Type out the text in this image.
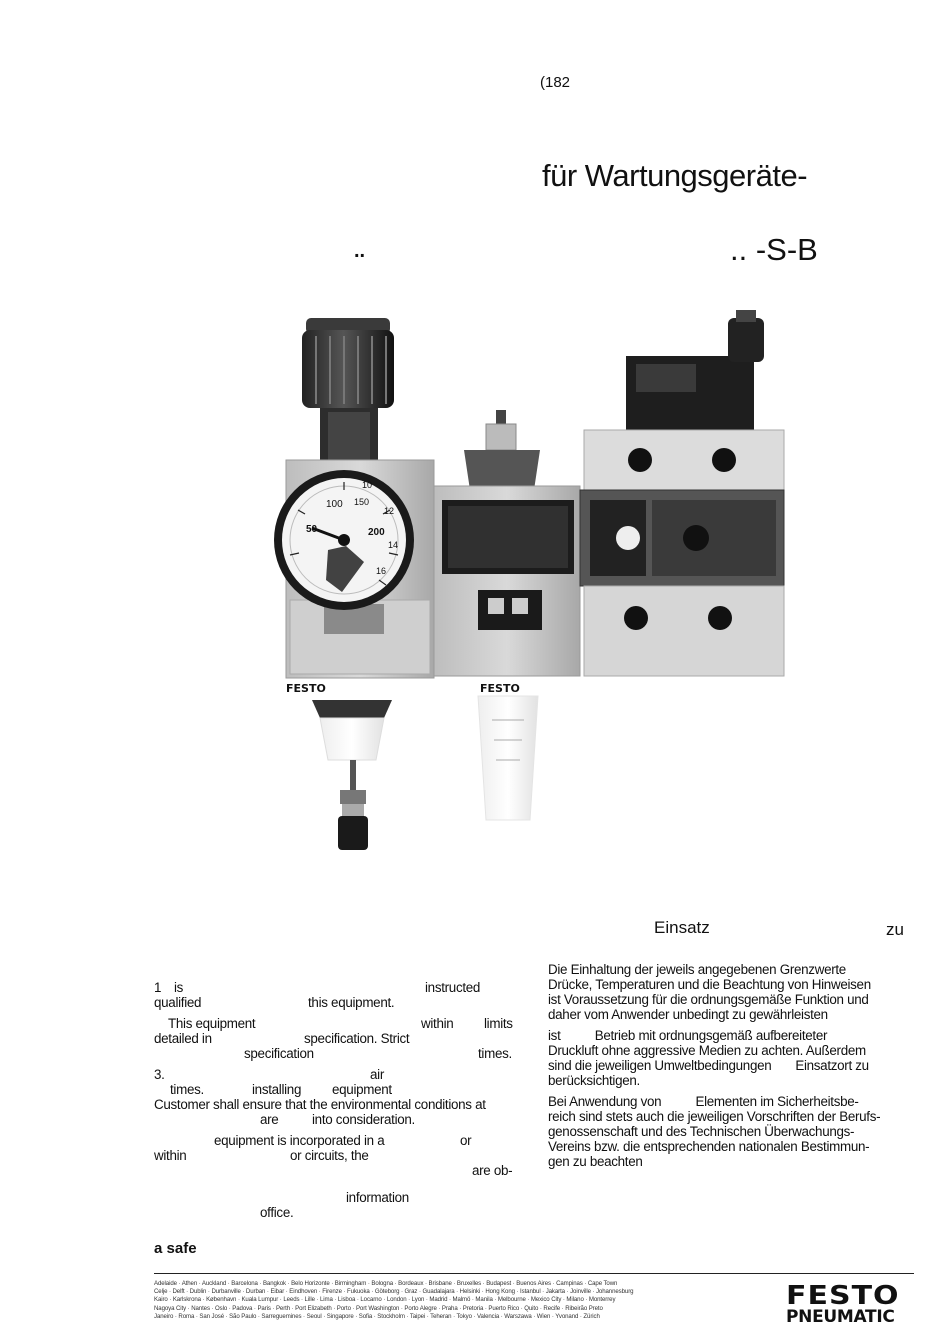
(182
für Wartungsgeräte-
..	.. -S-B
50
100 150
200
10
12
14
16
FESTO	FESTO
Einsatz	zu
Die Einhaltung der jeweils angegebenen Grenzwerte
Drücke, Temperaturen und die Beachtung von Hinweisen
ist Voraussetzung für die ordnungsgemäße Funktion und
daher vom Anwender unbedingt zu gewährleisten
ist          Betrieb mit ordnungsgemäß aufbereiteter
Druckluft ohne aggressive Medien zu achten. Außerdem
sind die jeweiligen Umweltbedingungen       Einsatzort zu
berücksichtigen.
Bei Anwendung von          Elementen im Sicherheitsbe-
reich sind stets auch die jeweiligen Vorschriften der Berufs-
genossenschaft und des Technischen Überwachungs-
Vereins bzw. die entsprechenden nationalen Bestimmun-
gen zu beachten
1 is	instructed
qualified	this equipment.
This equipment	within limits
detailed in	specification. Strict
specification	times.
3.	air
times.	installing equipment
Customer shall ensure that the environmental conditions at
are	into consideration.
equipment is incorporated in a	or
within	or circuits, the
are ob-
information
office.
a safe
Adelaide · Athen · Auckland · Barcelona · Bangkok · Belo Horizonte · Birmingham · Bologna · Bordeaux · Brisbane · Bruxelles · Budapest · Buenos Aires · Campinas · Cape Town
Celje · Delft · Dublin · Durbanville · Durban · Eibar · Eindhoven · Firenze · Fukuoka · Göteborg · Graz · Guadalajara · Helsinki · Hong Kong · Istanbul · Jakarta · Joinville · Johannesburg
Kairo · Karlskrona · København · Kuala Lumpur · Leeds · Lille · Lima · Lisboa · Locarno · London · Lyon · Madrid · Malmö · Manila · Melbourne · Mexico City · Milano · Monterrey
Nagoya City · Nantes · Oslo · Padova · Paris · Perth · Port Elizabeth · Porto · Port Washington · Porto Alegre · Praha · Pretoria · Puerto Rico · Quito · Recife · Ribeirão Preto
Janeiro · Roma · San José · São Paulo · Sarreguemines · Seoul · Singapore · Sofia · Stockholm · Taipei · Teheran · Tokyo · Valencia · Warszawa · Wien · Yvonand · Zürich
FESTO
PNEUMATIC
